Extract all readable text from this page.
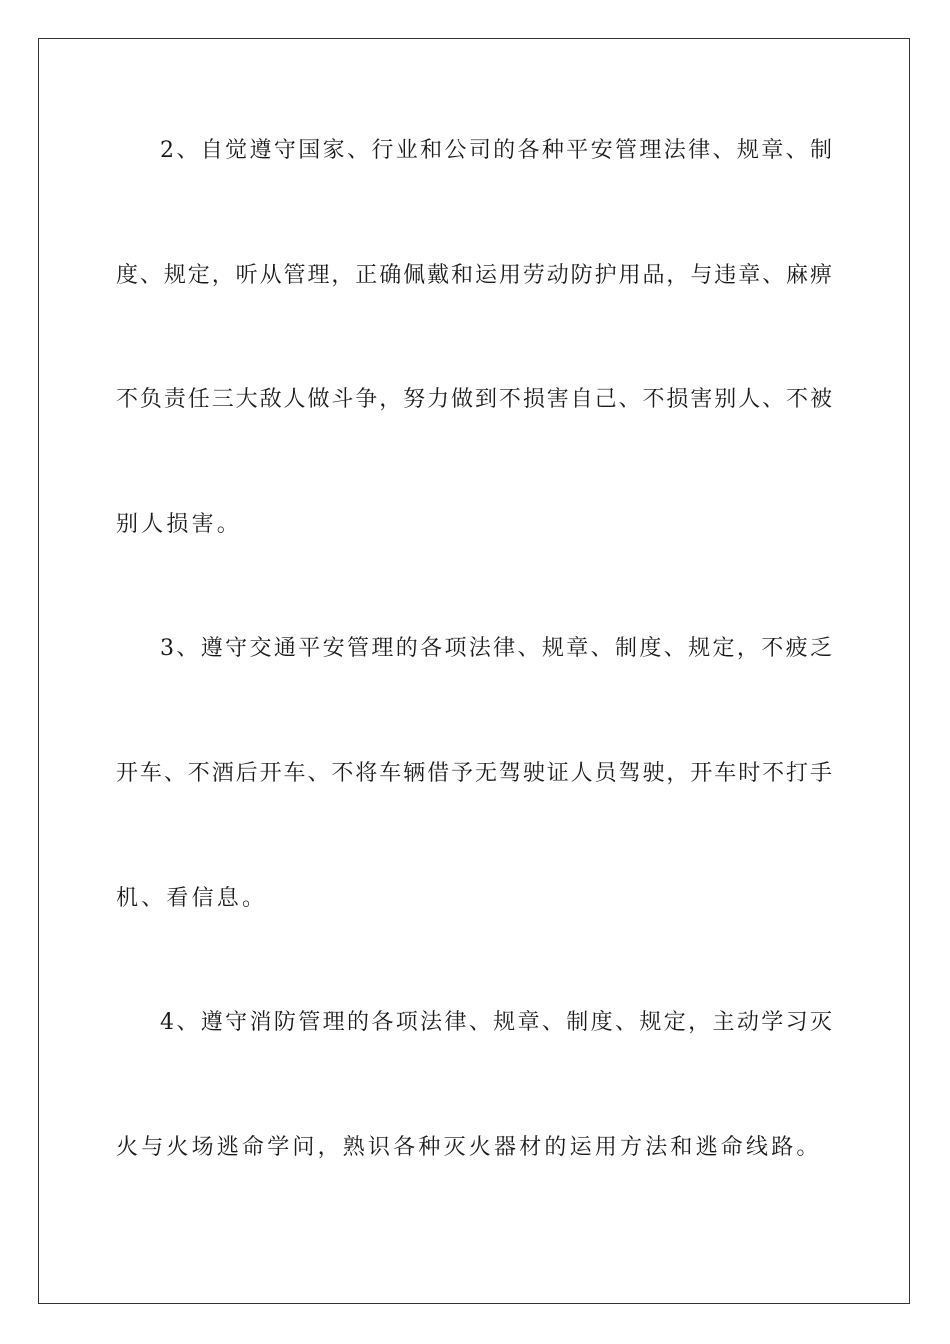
2、自觉遵守国家、行业和公司的各种平安管理法律、规章、制
度、规定，听从管理，正确佩戴和运用劳动防护用品，与违章、麻痹
不负责任三大敌人做斗争，努力做到不损害自己、不损害别人、不被
别人损害。
3、遵守交通平安管理的各项法律、规章、制度、规定，不疲乏
开车、不酒后开车、不将车辆借予无驾驶证人员驾驶，开车时不打手
机、看信息。
4、遵守消防管理的各项法律、规章、制度、规定，主动学习灭
火与火场逃命学问，熟识各种灭火器材的运用方法和逃命线路。
